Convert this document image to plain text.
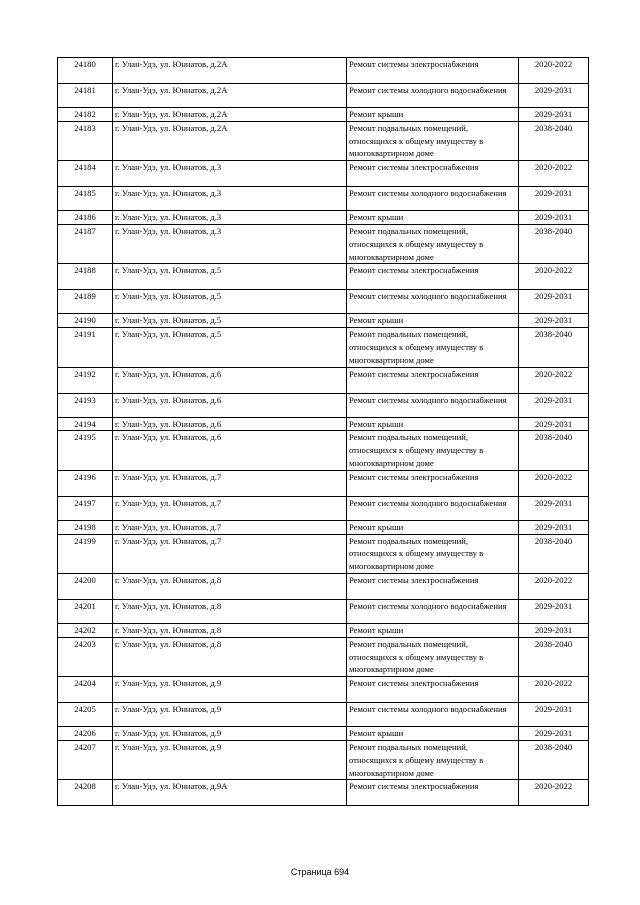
24180	г. Улан-Удэ, ул. Юннатов, д.2А	Ремонт системы электроснабжения	2020-2022
24181	г. Улан-Удэ, ул. Юннатов, д.2А	Ремонт системы холодного водоснабжения	2029-2031
24182	г. Улан-Удэ, ул. Юннатов, д.2А	Ремонт крыши	2029-2031
24183	г. Улан-Удэ, ул. Юннатов, д.2А	Ремонт подвальных помещений, относящихся к общему имуществу в многоквартирном доме	2038-2040
24184	г. Улан-Удэ, ул. Юннатов, д.3	Ремонт системы электроснабжения	2020-2022
24185	г. Улан-Удэ, ул. Юннатов, д.3	Ремонт системы холодного водоснабжения	2029-2031
24186	г. Улан-Удэ, ул. Юннатов, д.3	Ремонт крыши	2029-2031
24187	г. Улан-Удэ, ул. Юннатов, д.3	Ремонт подвальных помещений, относящихся к общему имуществу в многоквартирном доме	2038-2040
24188	г. Улан-Удэ, ул. Юннатов, д.5	Ремонт системы электроснабжения	2020-2022
24189	г. Улан-Удэ, ул. Юннатов, д.5	Ремонт системы холодного водоснабжения	2029-2031
24190	г. Улан-Удэ, ул. Юннатов, д.5	Ремонт крыши	2029-2031
24191	г. Улан-Удэ, ул. Юннатов, д.5	Ремонт подвальных помещений, относящихся к общему имуществу в многоквартирном доме	2038-2040
24192	г. Улан-Удэ, ул. Юннатов, д.6	Ремонт системы электроснабжения	2020-2022
24193	г. Улан-Удэ, ул. Юннатов, д.6	Ремонт системы холодного водоснабжения	2029-2031
24194	г. Улан-Удэ, ул. Юннатов, д.6	Ремонт крыши	2029-2031
24195	г. Улан-Удэ, ул. Юннатов, д.6	Ремонт подвальных помещений, относящихся к общему имуществу в многоквартирном доме	2038-2040
24196	г. Улан-Удэ, ул. Юннатов, д.7	Ремонт системы электроснабжения	2020-2022
24197	г. Улан-Удэ, ул. Юннатов, д.7	Ремонт системы холодного водоснабжения	2029-2031
24198	г. Улан-Удэ, ул. Юннатов, д.7	Ремонт крыши	2029-2031
24199	г. Улан-Удэ, ул. Юннатов, д.7	Ремонт подвальных помещений, относящихся к общему имуществу в многоквартирном доме	2038-2040
24200	г. Улан-Удэ, ул. Юннатов, д.8	Ремонт системы электроснабжения	2020-2022
24201	г. Улан-Удэ, ул. Юннатов, д.8	Ремонт системы холодного водоснабжения	2029-2031
24202	г. Улан-Удэ, ул. Юннатов, д.8	Ремонт крыши	2029-2031
24203	г. Улан-Удэ, ул. Юннатов, д.8	Ремонт подвальных помещений, относящихся к общему имуществу в многоквартирном доме	2038-2040
24204	г. Улан-Удэ, ул. Юннатов, д.9	Ремонт системы электроснабжения	2020-2022
24205	г. Улан-Удэ, ул. Юннатов, д.9	Ремонт системы холодного водоснабжения	2029-2031
24206	г. Улан-Удэ, ул. Юннатов, д.9	Ремонт крыши	2029-2031
24207	г. Улан-Удэ, ул. Юннатов, д.9	Ремонт подвальных помещений, относящихся к общему имуществу в многоквартирном доме	2038-2040
24208	г. Улан-Удэ, ул. Юннатов, д.9А	Ремонт системы электроснабжения	2020-2022
Страница 694
